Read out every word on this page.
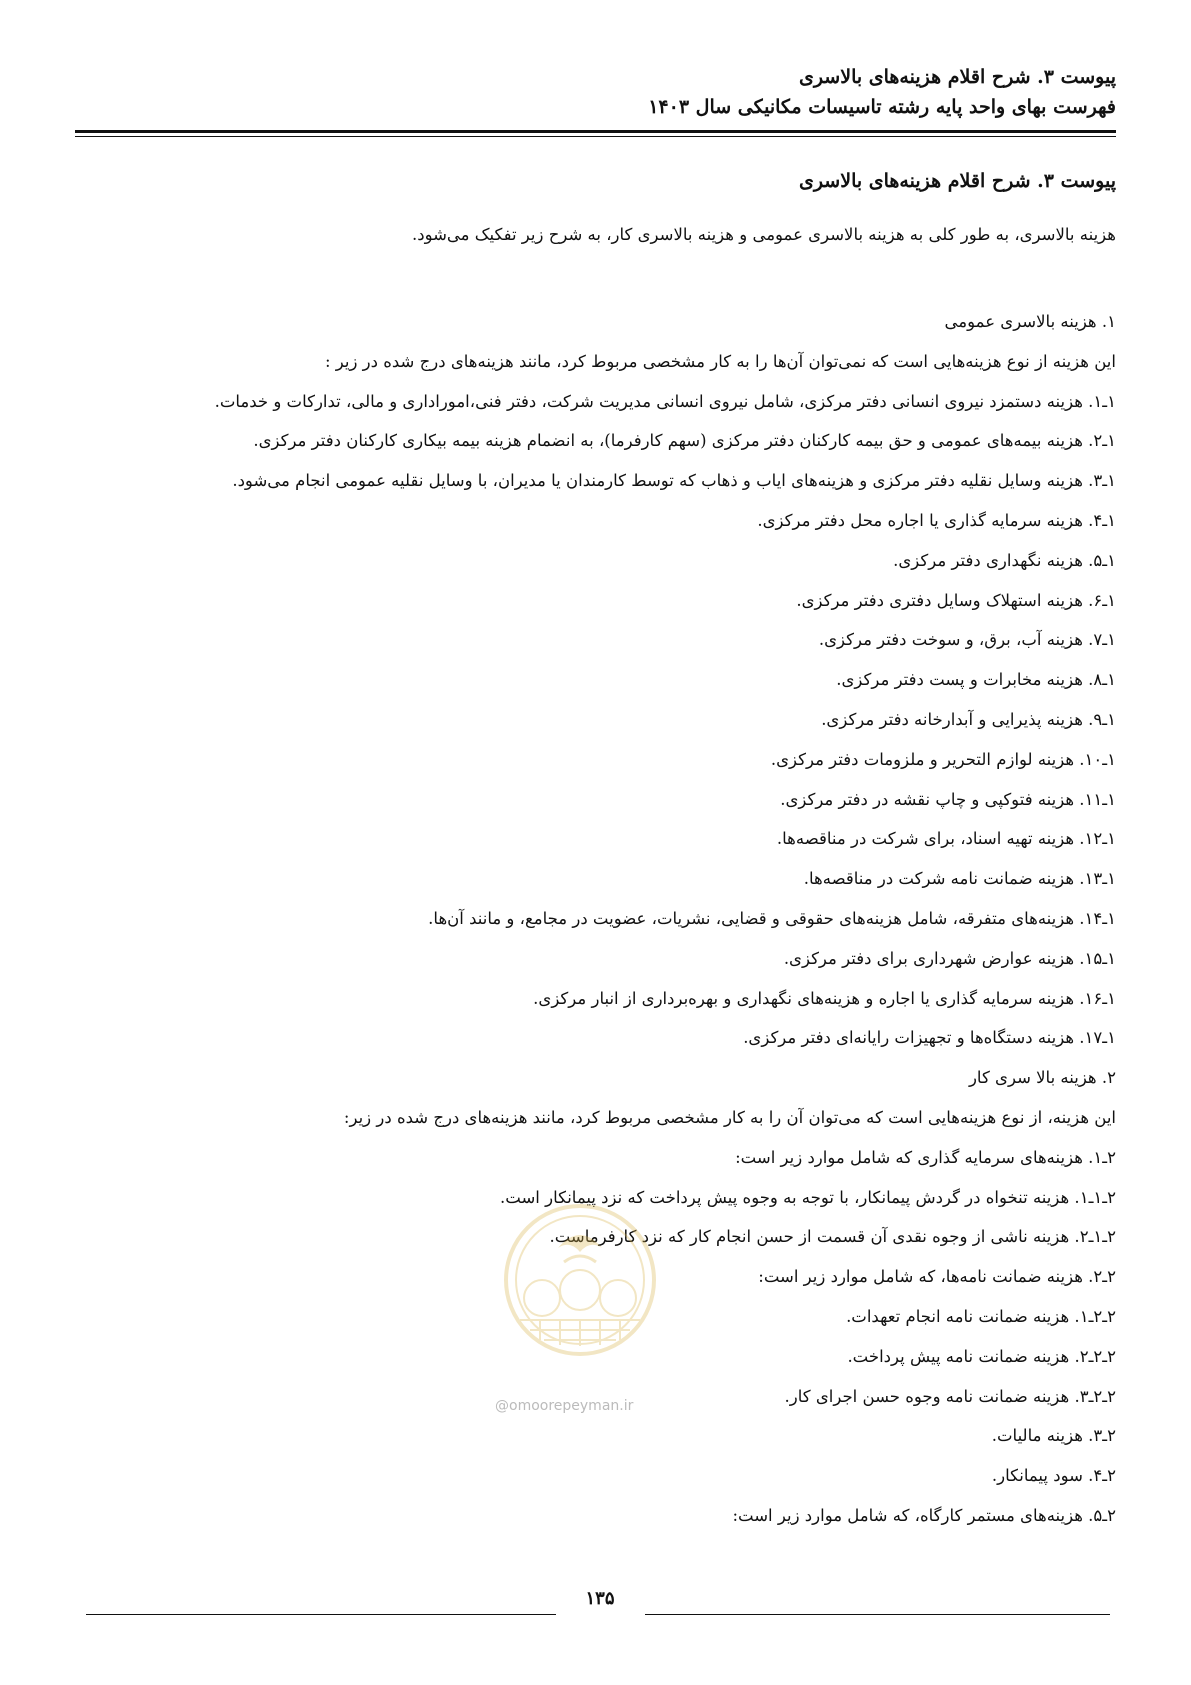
پیوست ۳. شرح اقلام هزینه‌های بالاسری
فهرست بهای واحد پایه رشته تاسیسات مکانیکی سال ۱۴۰۳
پیوست ۳. شرح اقلام هزینه‌های بالاسری
هزینه بالاسری، به طور کلی به هزینه بالاسری عمومی و هزینه بالاسری کار، به شرح زیر تفکیک می‌شود.
۱. هزینه بالاسری عمومی
این هزینه از نوع هزینه‌هایی است که نمی‌توان آن‌ها را به کار مشخصی مربوط کرد، مانند هزینه‌های درج شده در زیر :
۱ـ۱. هزینه دستمزد نیروی انسانی دفتر مرکزی، شامل نیروی انسانی مدیریت شرکت، دفتر فنی،اموراداری و مالی، تدارکات و خدمات.
۱ـ۲. هزینه بیمه‌های عمومی و حق بیمه کارکنان دفتر مرکزی (سهم کارفرما)، به انضمام هزینه بیمه بیکاری کارکنان دفتر مرکزی.
۱ـ۳. هزینه وسایل نقلیه دفتر مرکزی و هزینه‌های ایاب و ذهاب که توسط کارمندان یا مدیران، با وسایل نقلیه عمومی انجام می‌شود.
۱ـ۴. هزینه سرمایه گذاری یا اجاره محل دفتر مرکزی.
۱ـ۵. هزینه نگهداری دفتر مرکزی.
۱ـ۶. هزینه استهلاک وسایل دفتری دفتر مرکزی.
۱ـ۷. هزینه آب، برق، و سوخت دفتر مرکزی.
۱ـ۸. هزینه مخابرات و پست دفتر مرکزی.
۱ـ۹. هزینه پذیرایی و آبدارخانه دفتر مرکزی.
۱ـ۱۰. هزینه لوازم التحریر و ملزومات دفتر مرکزی.
۱ـ۱۱. هزینه فتوکپی و چاپ نقشه در دفتر مرکزی.
۱ـ۱۲. هزینه تهیه اسناد، برای شرکت در مناقصه‌ها.
۱ـ۱۳. هزینه ضمانت نامه شرکت در مناقصه‌ها.
۱ـ۱۴. هزینه‌های متفرقه، شامل هزینه‌های حقوقی و قضایی، نشریات، عضویت در مجامع، و مانند آن‌ها.
۱ـ۱۵. هزینه عوارض شهرداری برای دفتر مرکزی.
۱ـ۱۶. هزینه سرمایه گذاری یا اجاره و هزینه‌های نگهداری و بهره‌برداری از انبار مرکزی.
۱ـ۱۷. هزینه دستگاه‌ها و تجهیزات رایانه‌ای دفتر مرکزی.
۲. هزینه بالا سری کار
این هزینه، از نوع هزینه‌هایی است که می‌توان آن را به کار مشخصی مربوط کرد، مانند هزینه‌های درج شده در زیر:
۲ـ۱. هزینه‌های سرمایه گذاری که شامل موارد زیر است:
۲ـ۱ـ۱. هزینه تنخواه در گردش پیمانکار، با توجه به وجوه پیش پرداخت که نزد پیمانکار است.
۲ـ۱ـ۲. هزینه ناشی از وجوه نقدی آن قسمت از حسن انجام کار که نزد کارفرماست.
۲ـ۲. هزینه ضمانت نامه‌ها، که شامل موارد زیر است:
۲ـ۲ـ۱. هزینه ضمانت نامه انجام تعهدات.
۲ـ۲ـ۲. هزینه ضمانت نامه پیش پرداخت.
۲ـ۲ـ۳. هزینه ضمانت نامه وجوه حسن اجرای کار.
۲ـ۳. هزینه مالیات.
۲ـ۴. سود پیمانکار.
۲ـ۵. هزینه‌های مستمر کارگاه، که شامل موارد زیر است:
@omoorepeyman.ir
۱۳۵
